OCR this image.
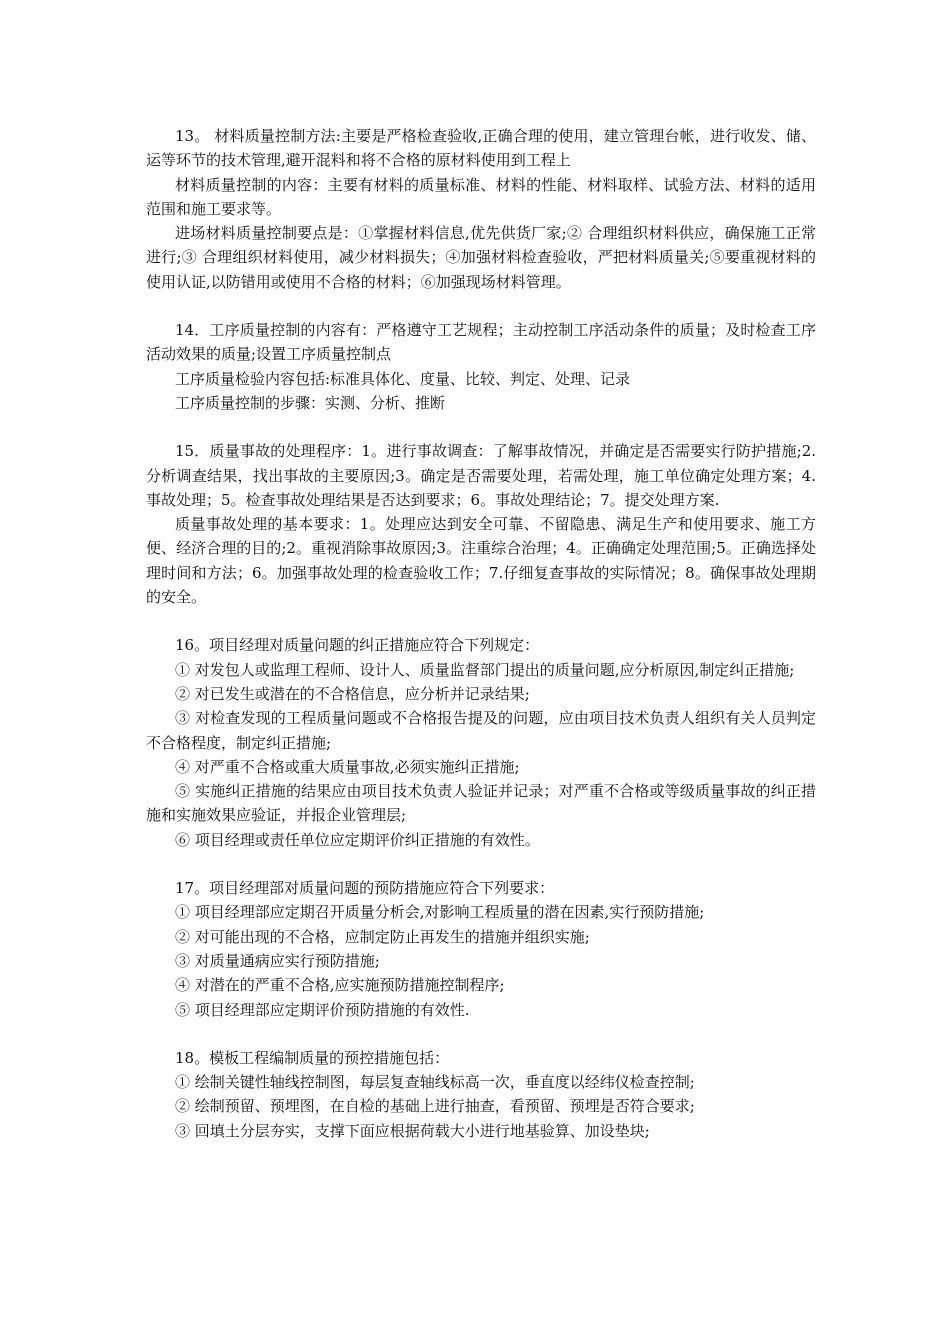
13。 材料质量控制方法:主要是严格检查验收,正确合理的使用，建立管理台帐，进行收发、储、运等环节的技术管理,避开混料和将不合格的原材料使用到工程上

材料质量控制的内容：主要有材料的质量标准、材料的性能、材料取样、试验方法、材料的适用范围和施工要求等。

进场材料质量控制要点是：①掌握材料信息,优先供货厂家;② 合理组织材料供应，确保施工正常进行;③ 合理组织材料使用，减少材料损失；④加强材料检查验收，严把材料质量关;⑤要重视材料的使用认证,以防错用或使用不合格的材料；⑥加强现场材料管理。

14．工序质量控制的内容有：严格遵守工艺规程；主动控制工序活动条件的质量；及时检查工序活动效果的质量;设置工序质量控制点

工序质量检验内容包括:标准具体化、度量、比较、判定、处理、记录

工序质量控制的步骤：实测、分析、推断

15．质量事故的处理程序：1。进行事故调查：了解事故情况，并确定是否需要实行防护措施;2.分析调查结果，找出事故的主要原因;3。确定是否需要处理，若需处理，施工单位确定处理方案；4.事故处理；5。检查事故处理结果是否达到要求；6。事故处理结论；7。提交处理方案.

质量事故处理的基本要求：1。处理应达到安全可靠、不留隐患、满足生产和使用要求、施工方便、经济合理的目的;2。重视消除事故原因;3。注重综合治理；4。正确确定处理范围;5。正确选择处理时间和方法；6。加强事故处理的检查验收工作；7.仔细复查事故的实际情况；8。确保事故处理期的安全。

16。项目经理对质量问题的纠正措施应符合下列规定：

① 对发包人或监理工程师、设计人、质量监督部门提出的质量问题,应分析原因,制定纠正措施;

② 对已发生或潜在的不合格信息，应分析并记录结果;

③ 对检查发现的工程质量问题或不合格报告提及的问题，应由项目技术负责人组织有关人员判定不合格程度，制定纠正措施;

④ 对严重不合格或重大质量事故,必须实施纠正措施;

⑤ 实施纠正措施的结果应由项目技术负责人验证并记录；对严重不合格或等级质量事故的纠正措施和实施效果应验证，并报企业管理层;

⑥ 项目经理或责任单位应定期评价纠正措施的有效性。

17。项目经理部对质量问题的预防措施应符合下列要求：

① 项目经理部应定期召开质量分析会,对影响工程质量的潜在因素,实行预防措施;

② 对可能出现的不合格，应制定防止再发生的措施并组织实施;

③ 对质量通病应实行预防措施;

④ 对潜在的严重不合格,应实施预防措施控制程序;

⑤ 项目经理部应定期评价预防措施的有效性.

18。模板工程编制质量的预控措施包括：

① 绘制关键性轴线控制图，每层复查轴线标高一次，垂直度以经纬仪检查控制;

② 绘制预留、预埋图，在自检的基础上进行抽查，看预留、预埋是否符合要求;

③ 回填土分层夯实，支撑下面应根据荷载大小进行地基验算、加设垫块;
